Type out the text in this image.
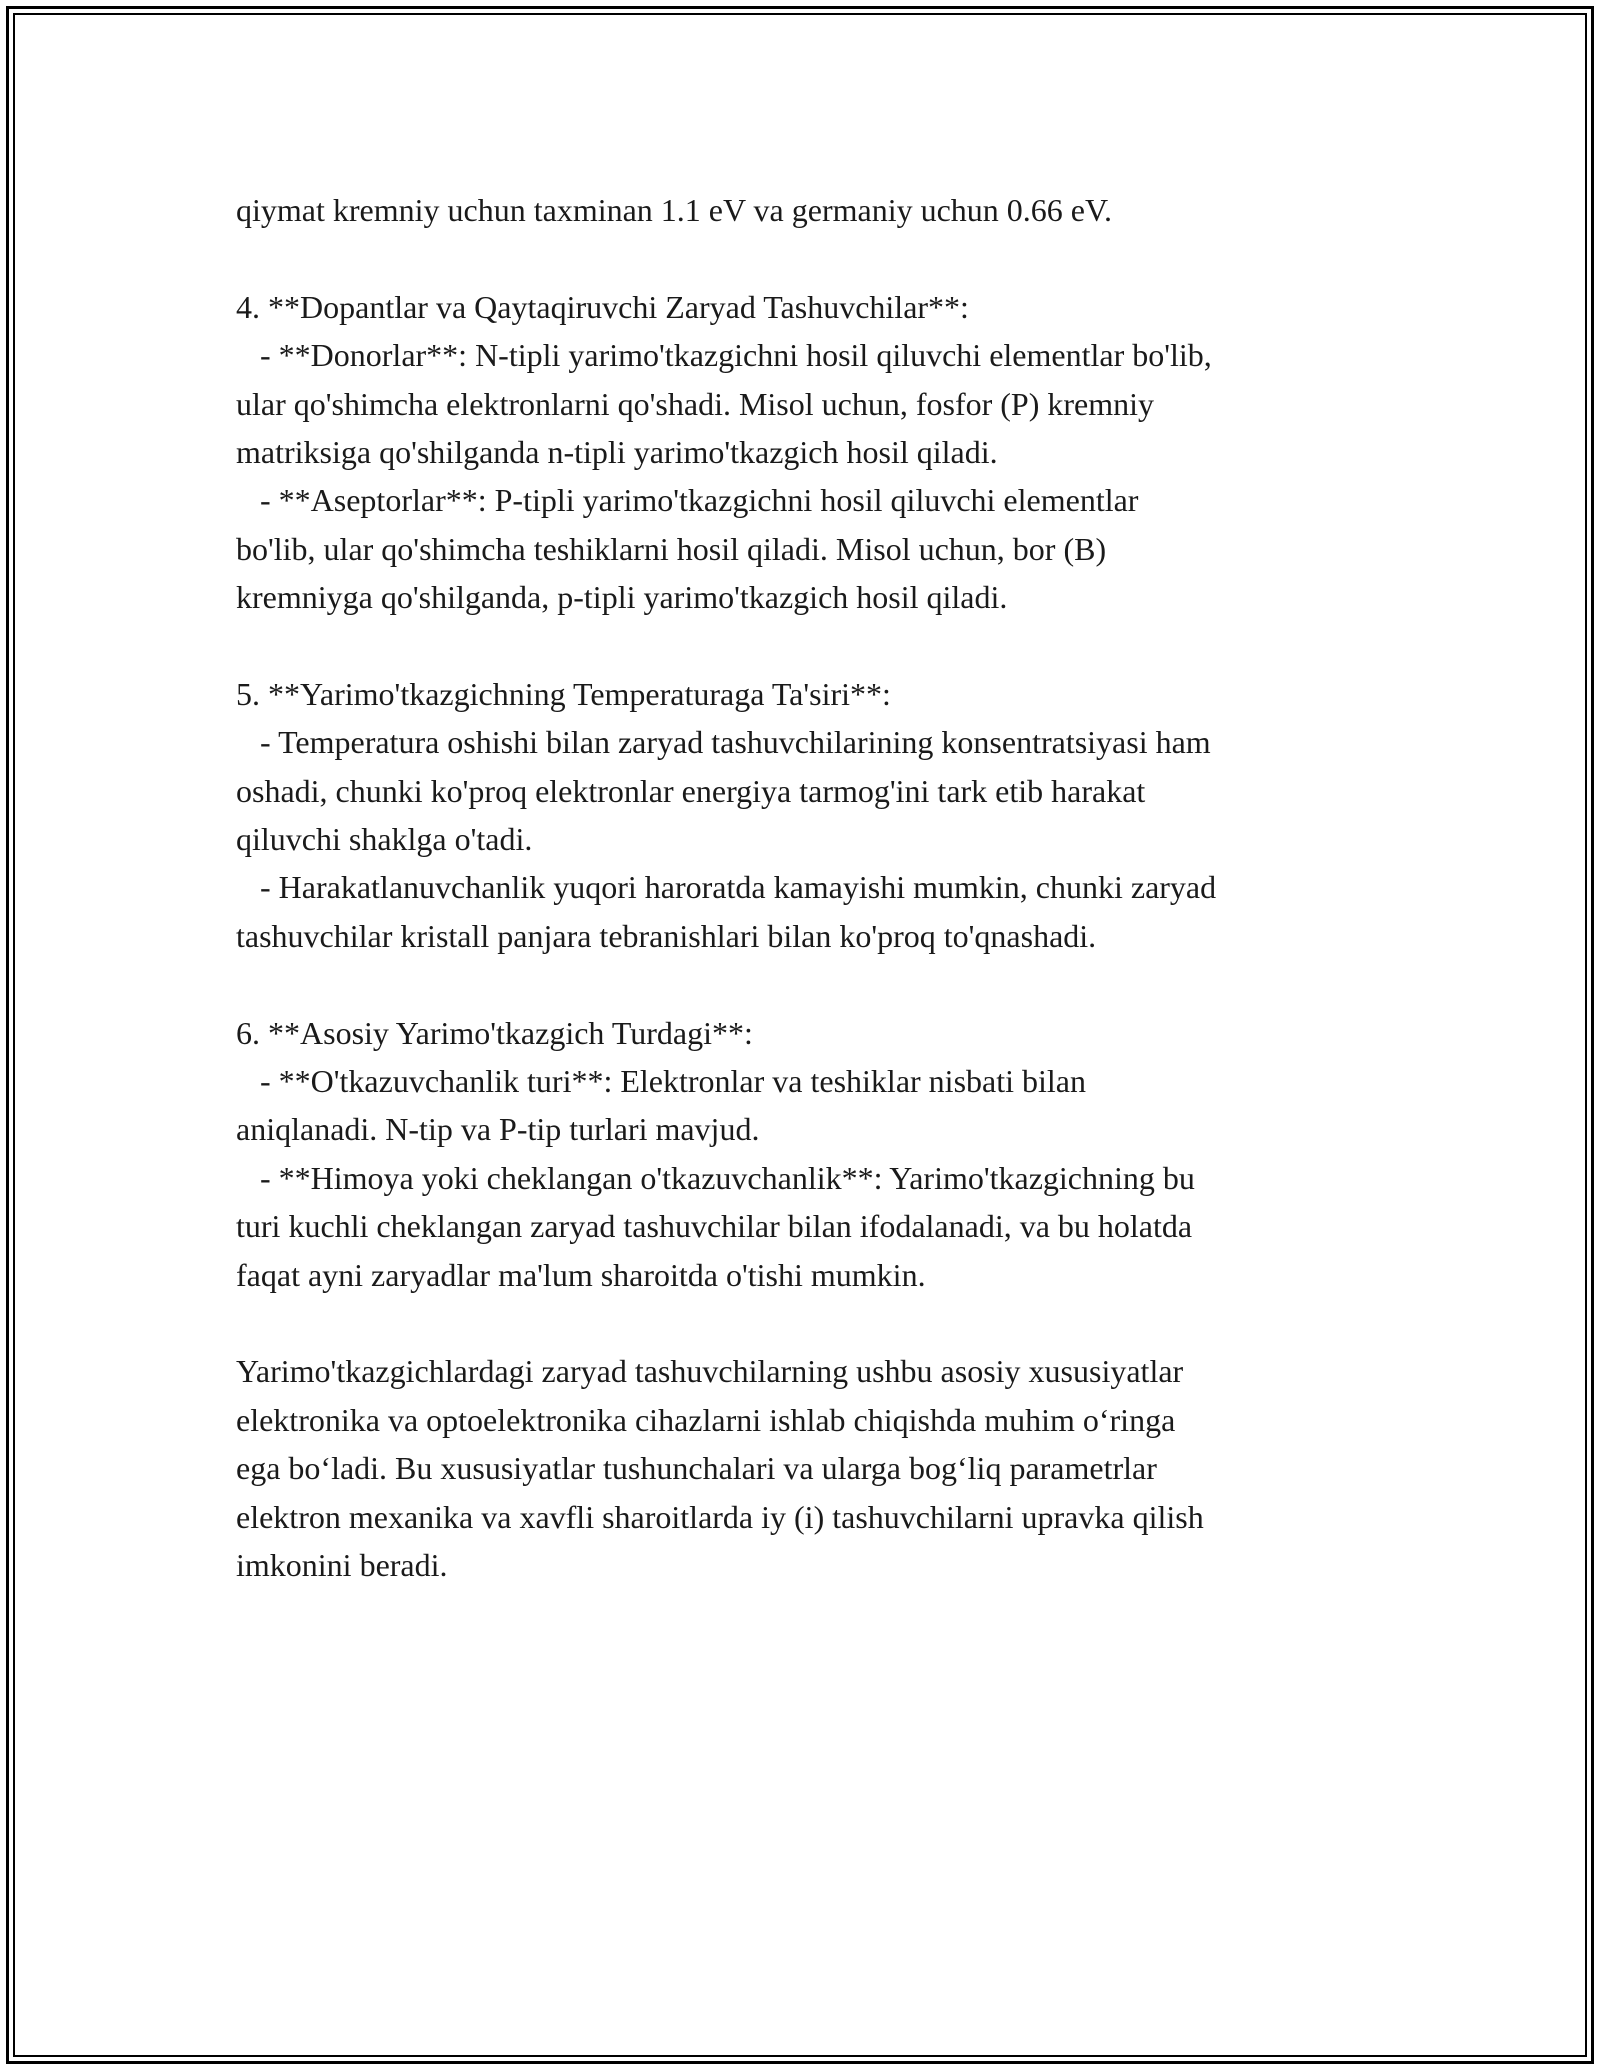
qiymat kremniy uchun taxminan 1.1 eV va germaniy uchun 0.66 eV.
4. **Dopantlar va Qaytaqiruvchi Zaryad Tashuvchilar**:
- **Donorlar**: N-tipli yarimo'tkazgichni hosil qiluvchi elementlar bo'lib,
ular qo'shimcha elektronlarni qo'shadi. Misol uchun, fosfor (P) kremniy
matriksiga qo'shilganda n-tipli yarimo'tkazgich hosil qiladi.
- **Aseptorlar**: P-tipli yarimo'tkazgichni hosil qiluvchi elementlar
bo'lib, ular qo'shimcha teshiklarni hosil qiladi. Misol uchun, bor (B)
kremniyga qo'shilganda, p-tipli yarimo'tkazgich hosil qiladi.
5. **Yarimo'tkazgichning Temperaturaga Ta'siri**:
- Temperatura oshishi bilan zaryad tashuvchilarining konsentratsiyasi ham
oshadi, chunki ko'proq elektronlar energiya tarmog'ini tark etib harakat
qiluvchi shaklga o'tadi.
- Harakatlanuvchanlik yuqori haroratda kamayishi mumkin, chunki zaryad
tashuvchilar kristall panjara tebranishlari bilan ko'proq to'qnashadi.
6. **Asosiy Yarimo'tkazgich Turdagi**:
- **O'tkazuvchanlik turi**: Elektronlar va teshiklar nisbati bilan
aniqlanadi. N-tip va P-tip turlari mavjud.
- **Himoya yoki cheklangan o'tkazuvchanlik**: Yarimo'tkazgichning bu
turi kuchli cheklangan zaryad tashuvchilar bilan ifodalanadi, va bu holatda
faqat ayni zaryadlar ma'lum sharoitda o'tishi mumkin.
Yarimo'tkazgichlardagi zaryad tashuvchilarning ushbu asosiy xususiyatlar
elektronika va optoelektronika cihazlarni ishlab chiqishda muhim o‘ringa
ega bo‘ladi. Bu xususiyatlar tushunchalari va ularga bog‘liq parametrlar
elektron mexanika va xavfli sharoitlarda iy (i) tashuvchilarni upravka qilish
imkonini beradi.
